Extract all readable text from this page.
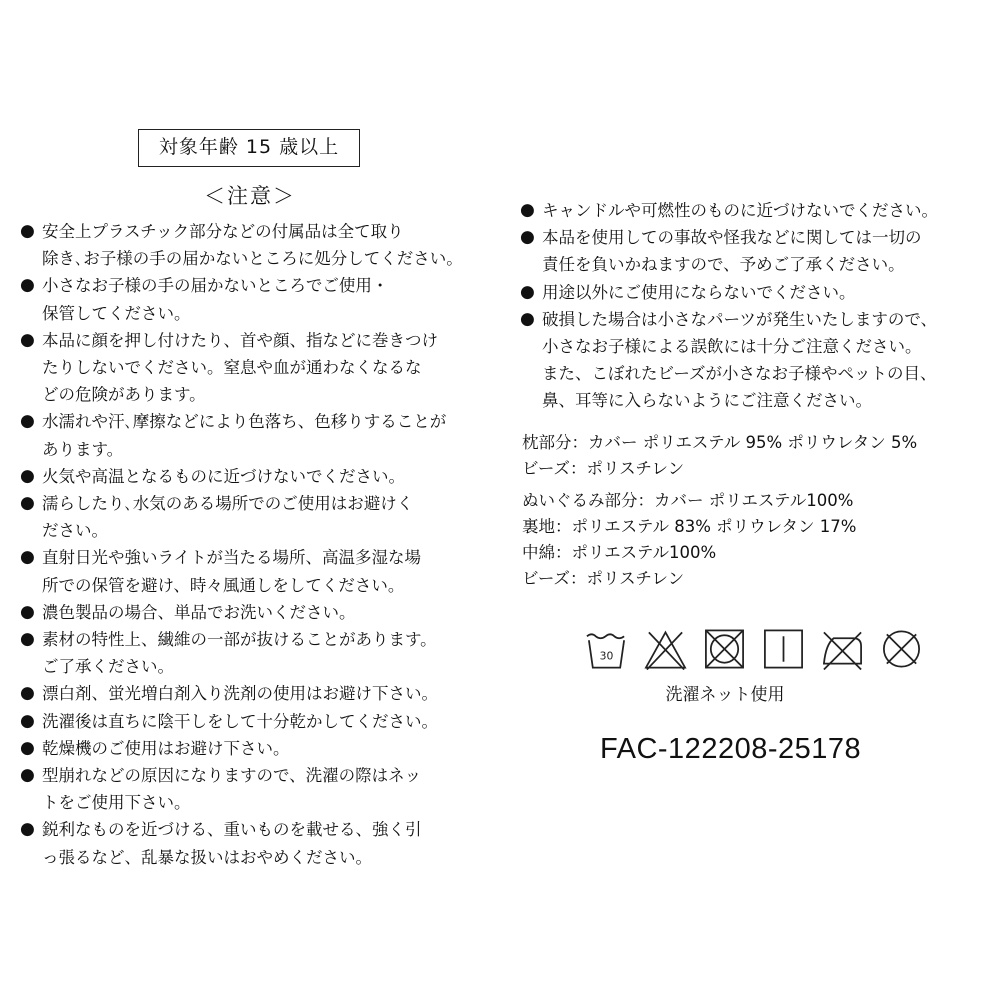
対象年齢 15 歳以上
＜注意＞
● 安全上プラスチック部分などの付属品は全て取り
除き､お子様の手の届かないところに処分してください。
● 小さなお子様の手の届かないところでご使用・
保管してください。
● 本品に顔を押し付けたり、首や顔、指などに巻きつけ
たりしないでください。窒息や血が通わなくなるな
どの危険があります。
● 水濡れや汗､摩擦などにより色落ち、色移りすることが
あります。
● 火気や高温となるものに近づけないでください。
● 濡らしたり､水気のある場所でのご使用はお避けく
ださい。
● 直射日光や強いライトが当たる場所、高温多湿な場
所での保管を避け、時々風通しをしてください。
● 濃色製品の場合、単品でお洗いください。
● 素材の特性上、繊維の一部が抜けることがあります。
ご了承ください。
● 漂白剤、蛍光増白剤入り洗剤の使用はお避け下さい。
● 洗濯後は直ちに陰干しをして十分乾かしてください。
● 乾燥機のご使用はお避け下さい。
● 型崩れなどの原因になりますので、洗濯の際はネッ
トをご使用下さい。
● 鋭利なものを近づける、重いものを載せる、強く引
っ張るなど、乱暴な扱いはおやめください。
● キャンドルや可燃性のものに近づけないでください。
● 本品を使用しての事故や怪我などに関しては一切の
責任を負いかねますので、予めご了承ください。
● 用途以外にご使用にならないでください。
● 破損した場合は小さなパーツが発生いたしますので、
小さなお子様による誤飲には十分ご注意ください。
また、こぼれたビーズが小さなお子様やペットの目、
鼻、耳等に入らないようにご注意ください。
枕部分：カバー ポリエステル 95% ポリウレタン 5%
ビーズ：ポリスチレン
ぬいぐるみ部分：カバー ポリエステル100%
裏地：ポリエステル 83% ポリウレタン 17%
中綿：ポリエステル100%
ビーズ：ポリスチレン
30
洗濯ネット使用
FAC-122208-25178
